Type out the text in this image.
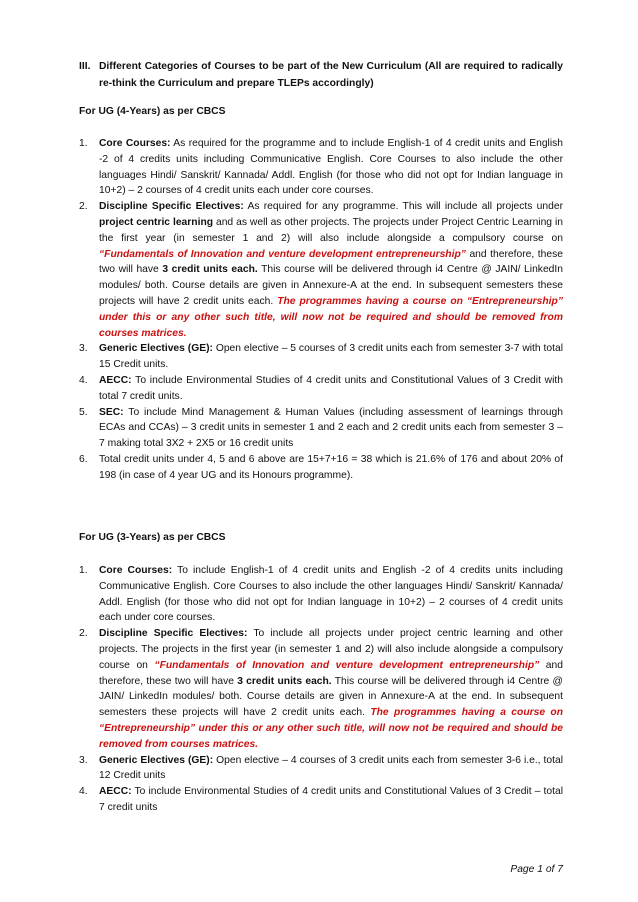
III. Different Categories of Courses to be part of the New Curriculum (All are required to radically re-think the Curriculum and prepare TLEPs accordingly)

For UG (4-Years) as per CBCS

1. Core Courses: As required for the programme and to include English-1 of 4 credit units and English -2 of 4 credits units including Communicative English. Core Courses to also include the other languages Hindi/ Sanskrit/ Kannada/ Addl. English (for those who did not opt for Indian language in 10+2) – 2 courses of 4 credit units each under core courses.
2. Discipline Specific Electives: As required for any programme. This will include all projects under project centric learning and as well as other projects. The projects under Project Centric Learning in the first year (in semester 1 and 2) will also include alongside a compulsory course on “Fundamentals of Innovation and venture development entrepreneurship” and therefore, these two will have 3 credit units each. This course will be delivered through i4 Centre @ JAIN/ LinkedIn modules/ both. Course details are given in Annexure-A at the end. In subsequent semesters these projects will have 2 credit units each. The programmes having a course on “Entrepreneurship” under this or any other such title, will now not be required and should be removed from courses matrices.
3. Generic Electives (GE): Open elective – 5 courses of 3 credit units each from semester 3-7 with total 15 Credit units.
4. AECC: To include Environmental Studies of 4 credit units and Constitutional Values of 3 Credit with total 7 credit units.
5. SEC: To include Mind Management & Human Values (including assessment of learnings through ECAs and CCAs) – 3 credit units in semester 1 and 2 each and 2 credit units each from semester 3 – 7 making total 3X2 + 2X5 or 16 credit units
6. Total credit units under 4, 5 and 6 above are 15+7+16 = 38 which is 21.6% of 176 and about 20% of 198 (in case of 4 year UG and its Honours programme).

For UG (3-Years) as per CBCS

1. Core Courses: To include English-1 of 4 credit units and English -2 of 4 credits units including Communicative English. Core Courses to also include the other languages Hindi/ Sanskrit/ Kannada/ Addl. English (for those who did not opt for Indian language in 10+2) – 2 courses of 4 credit units each under core courses.
2. Discipline Specific Electives: To include all projects under project centric learning and other projects. The projects in the first year (in semester 1 and 2) will also include alongside a compulsory course on “Fundamentals of Innovation and venture development entrepreneurship” and therefore, these two will have 3 credit units each. This course will be delivered through i4 Centre @ JAIN/ LinkedIn modules/ both. Course details are given in Annexure-A at the end. In subsequent semesters these projects will have 2 credit units each. The programmes having a course on “Entrepreneurship” under this or any other such title, will now not be required and should be removed from courses matrices.
3. Generic Electives (GE): Open elective – 4 courses of 3 credit units each from semester 3-6 i.e., total 12 Credit units
4. AECC: To include Environmental Studies of 4 credit units and Constitutional Values of 3 Credit – total 7 credit units

Page 1 of 7
